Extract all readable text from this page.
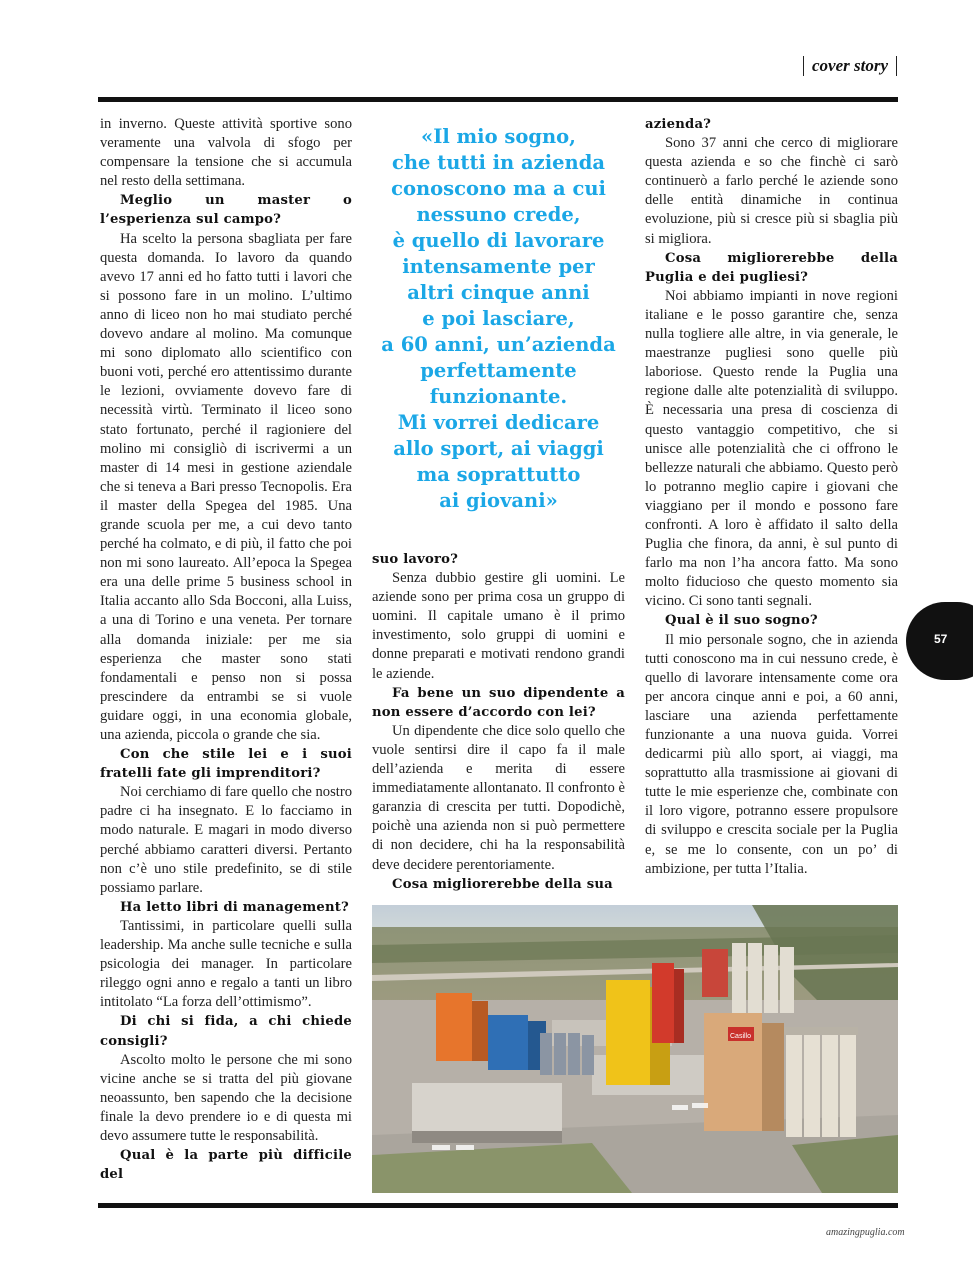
cover story

in inverno. Queste attività sportive sono veramente una valvola di sfogo per compensare la tensione che si accumula nel resto della settimana.

Meglio un master o l’esperienza sul campo?

Ha scelto la persona sbagliata per fare questa domanda. Io lavoro da quando avevo 17 anni ed ho fatto tutti i lavori che si possono fare in un molino. L’ultimo anno di liceo non ho mai studiato perché dovevo andare al molino. Ma comunque mi sono diplomato allo scientifico con buoni voti, perché ero attentissimo durante le lezioni, ovviamente dovevo fare di necessità virtù. Terminato il liceo sono stato fortunato, perché il ragioniere del molino mi consigliò di iscrivermi a un master di 14 mesi in gestione aziendale che si teneva a Bari presso Tecnopolis. Era il master della Spegea del 1985. Una grande scuola per me, a cui devo tanto perché ha colmato, e di più, il fatto che poi non mi sono laureato. All’epoca la Spegea era una delle prime 5 business school in Italia accanto allo Sda Bocconi, alla Luiss, a una di Torino e una veneta. Per tornare alla domanda iniziale: per me sia esperienza che master sono stati fondamentali e penso non si possa prescindere da entrambi se si vuole guidare oggi, in una economia globale, una azienda, piccola o grande che sia.

Con che stile lei e i suoi fratelli fate gli imprenditori?

Noi cerchiamo di fare quello che nostro padre ci ha insegnato. E lo facciamo in modo naturale. E magari in modo diverso perché abbiamo caratteri diversi. Pertanto non c’è uno stile predefinito, se di stile possiamo parlare.

Ha letto libri di management?

Tantissimi, in particolare quelli sulla leadership. Ma anche sulle tecniche e sulla psicologia dei manager. In particolare rileggo ogni anno e regalo a tanti un libro intitolato “La forza dell’ottimismo”.

Di chi si fida, a chi chiede consigli?

Ascolto molto le persone che mi sono vicine anche se si tratta del più giovane neoassunto, ben sapendo che la decisione finale la devo prendere io e di questa mi devo assumere tutte le responsabilità.

Qual è la parte più difficile del
«Il mio sogno,
che tutti in azienda
conoscono ma a cui
nessuno crede,
è quello di lavorare
intensamente per
altri cinque anni
e poi lasciare,
a 60 anni, un’azienda
perfettamente
funzionante.
Mi vorrei dedicare
allo sport, ai viaggi
ma soprattutto
ai giovani»
suo lavoro?

Senza dubbio gestire gli uomini. Le aziende sono per prima cosa un gruppo di uomini. Il capitale umano è il primo investimento, solo gruppi di uomini e donne preparati e motivati rendono grandi le aziende.

Fa bene un suo dipendente a non essere d’accordo con lei?

Un dipendente che dice solo quello che vuole sentirsi dire il capo fa il male dell’azienda e merita di essere immediatamente allontanato. Il confronto è garanzia di crescita per tutti. Dopodichè, poichè una azienda non si può permettere di non decidere, chi ha la responsabilità deve decidere perentoriamente.

Cosa migliorerebbe della sua
azienda?

Sono 37 anni che cerco di migliorare questa azienda e so che finchè ci sarò continuerò a farlo perché le aziende sono delle entità dinamiche in continua evoluzione, più si cresce più si sbaglia più si migliora.

Cosa migliorerebbe della Puglia e dei pugliesi?

Noi abbiamo impianti in nove regioni italiane e le posso garantire che, senza nulla togliere alle altre, in via generale, le maestranze pugliesi sono quelle più laboriose. Questo rende la Puglia una regione dalle alte potenzialità di sviluppo. È necessaria una presa di coscienza di questo vantaggio competitivo, che si unisce alle potenzialità che ci offrono le bellezze naturali che abbiamo. Questo però lo potranno meglio capire i giovani che viaggiano per il mondo e possono fare confronti. A loro è affidato il salto della Puglia che finora, da anni, è sul punto di farlo ma non l’ha ancora fatto. Ma sono molto fiducioso che questo momento sia vicino. Ci sono tanti segnali.

Qual è il suo sogno?

Il mio personale sogno, che in azienda tutti conoscono ma in cui nessuno crede, è quello di lavorare intensamente come ora per ancora cinque anni e poi, a 60 anni, lasciare una azienda perfettamente funzionante a una nuova guida. Vorrei dedicarmi più allo sport, ai viaggi, ma soprattutto alla trasmissione ai giovani di tutte le mie esperienze che, combinate con il loro vigore, potranno essere propulsore di sviluppo e crescita sociale per la Puglia e, se me lo consente, con un po’ di ambizione, per tutta l’Italia.

57
Casillo
amazingpuglia.com
